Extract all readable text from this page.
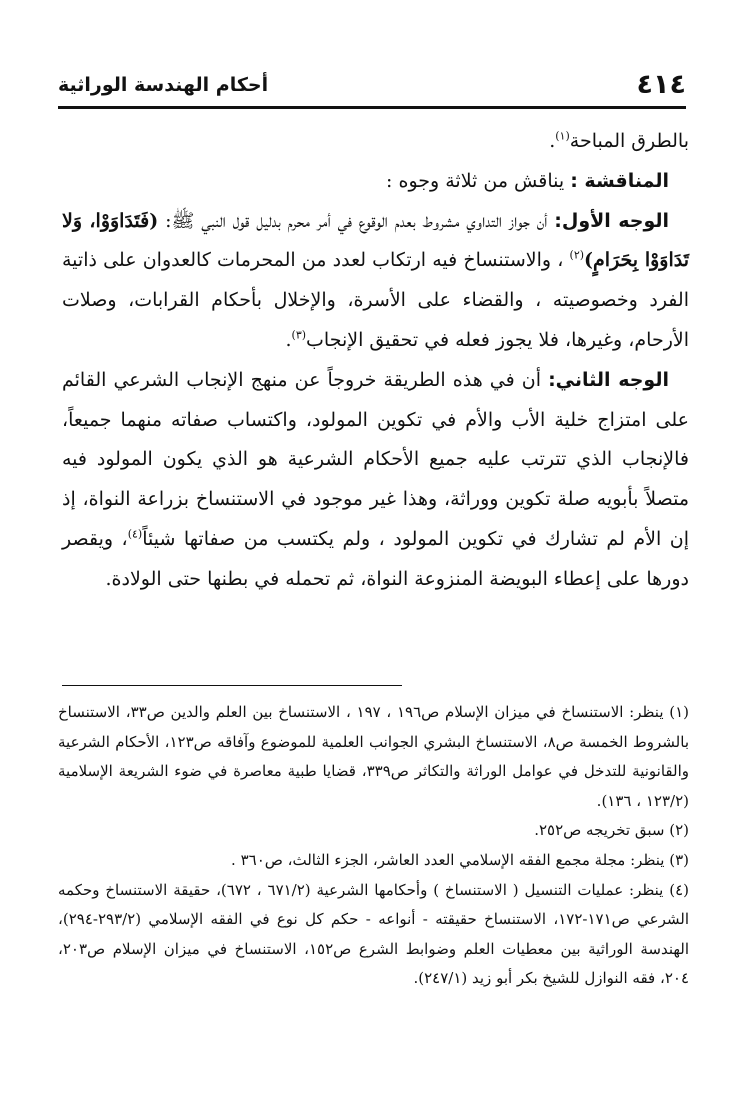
٤١٤
أحكام الهندسة الوراثية

بالطرق المباحة$^{(١)}$.

المناقشة : يناقش من ثلاثة وجوه :

الوجه الأول: أن جواز التداوي مشروط بعدم الوقوع في أمر محرم بدليل قول النبي ﷺ: (فَتَدَاوَوْا، وَلا تَدَاوَوْا بِحَرَامٍ)$^{(٢)}$ ، والاستنساخ فيه ارتكاب لعدد من المحرمات كالعدوان على ذاتية الفرد وخصوصيته ، والقضاء على الأسرة، والإخلال بأحكام القرابات، وصلات الأرحام، وغيرها، فلا يجوز فعله في تحقيق الإنجاب$^{(٣)}$.

الوجه الثاني: أن في هذه الطريقة خروجاً عن منهج الإنجاب الشرعي القائم على امتزاج خلية الأب والأم في تكوين المولود، واكتساب صفاته منهما جميعاً، فالإنجاب الذي تترتب عليه جميع الأحكام الشرعية هو الذي يكون المولود فيه متصلاً بأبويه صلة تكوين ووراثة، وهذا غير موجود في الاستنساخ بزراعة النواة، إذ إن الأم لم تشارك في تكوين المولود ، ولم يكتسب من صفاتها شيئاً$^{(٤)}$، ويقصر دورها على إعطاء البويضة المنزوعة النواة، ثم تحمله في بطنها حتى الولادة.

(١) ينظر: الاستنساخ في ميزان الإسلام ص١٩٦ ، ١٩٧ ، الاستنساخ بين العلم والدين ص٣٣، الاستنساخ بالشروط الخمسة ص٨، الاستنساخ البشري الجوانب العلمية للموضوع وآفاقه ص١٢٣، الأحكام الشرعية والقانونية للتدخل في عوامل الوراثة والتكاثر ص٣٣٩، قضايا طبية معاصرة في ضوء الشريعة الإسلامية (١٢٣/٢ ، ١٣٦).

(٢) سبق تخريجه ص٢٥٢.

(٣) ينظر: مجلة مجمع الفقه الإسلامي العدد العاشر، الجزء الثالث، ص٣٦٠ .

(٤) ينظر: عمليات التنسيل ( الاستنساخ ) وأحكامها الشرعية (٦٧١/٢ ، ٦٧٢)، حقيقة الاستنساخ وحكمه الشرعي ص١٧١-١٧٢، الاستنساخ حقيقته - أنواعه - حكم كل نوع في الفقه الإسلامي (٢٩٣/٢-٢٩٤)، الهندسة الوراثية بين معطيات العلم وضوابط الشرع ص١٥٢، الاستنساخ في ميزان الإسلام ص٢٠٣، ٢٠٤، فقه النوازل للشيخ بكر أبو زيد (٢٤٧/١).
